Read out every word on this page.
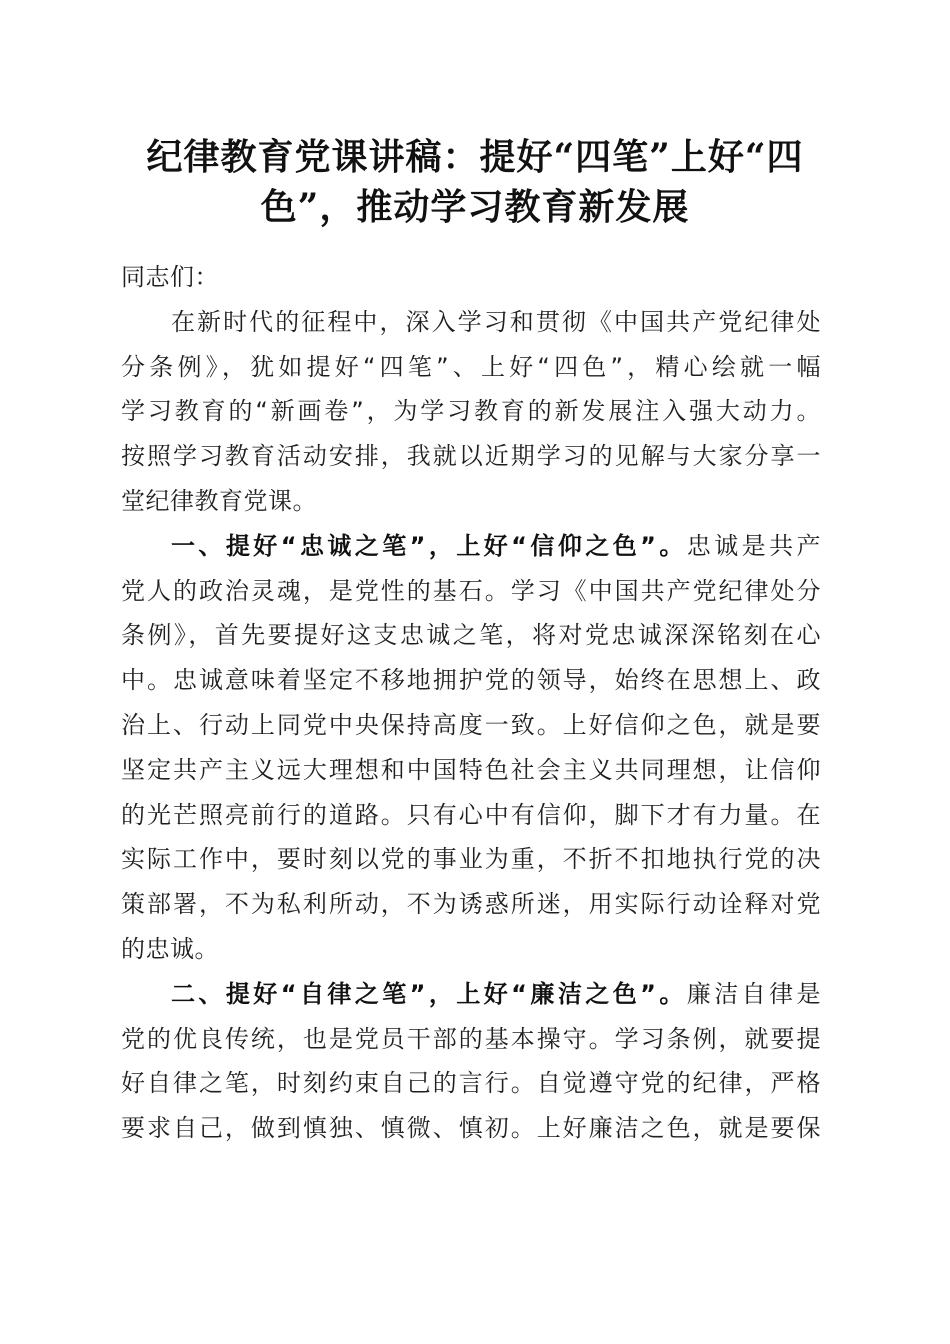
纪律教育党课讲稿：提好“四笔”上好“四
色”，推动学习教育新发展
同志们：
在新时代的征程中，深入学习和贯彻《中国共产党纪律处
分条例》，犹如提好“四笔”、上好“四色”，精心绘就一幅
学习教育的“新画卷”，为学习教育的新发展注入强大动力。
按照学习教育活动安排，我就以近期学习的见解与大家分享一
堂纪律教育党课。
一、提好“忠诚之笔”，上好“信仰之色”。忠诚是共产
党人的政治灵魂，是党性的基石。学习《中国共产党纪律处分
条例》，首先要提好这支忠诚之笔，将对党忠诚深深铭刻在心
中。忠诚意味着坚定不移地拥护党的领导，始终在思想上、政
治上、行动上同党中央保持高度一致。上好信仰之色，就是要
坚定共产主义远大理想和中国特色社会主义共同理想，让信仰
的光芒照亮前行的道路。只有心中有信仰，脚下才有力量。在
实际工作中，要时刻以党的事业为重，不折不扣地执行党的决
策部署，不为私利所动，不为诱惑所迷，用实际行动诠释对党
的忠诚。
二、提好“自律之笔”，上好“廉洁之色”。廉洁自律是
党的优良传统，也是党员干部的基本操守。学习条例，就要提
好自律之笔，时刻约束自己的言行。自觉遵守党的纪律，严格
要求自己，做到慎独、慎微、慎初。上好廉洁之色，就是要保
